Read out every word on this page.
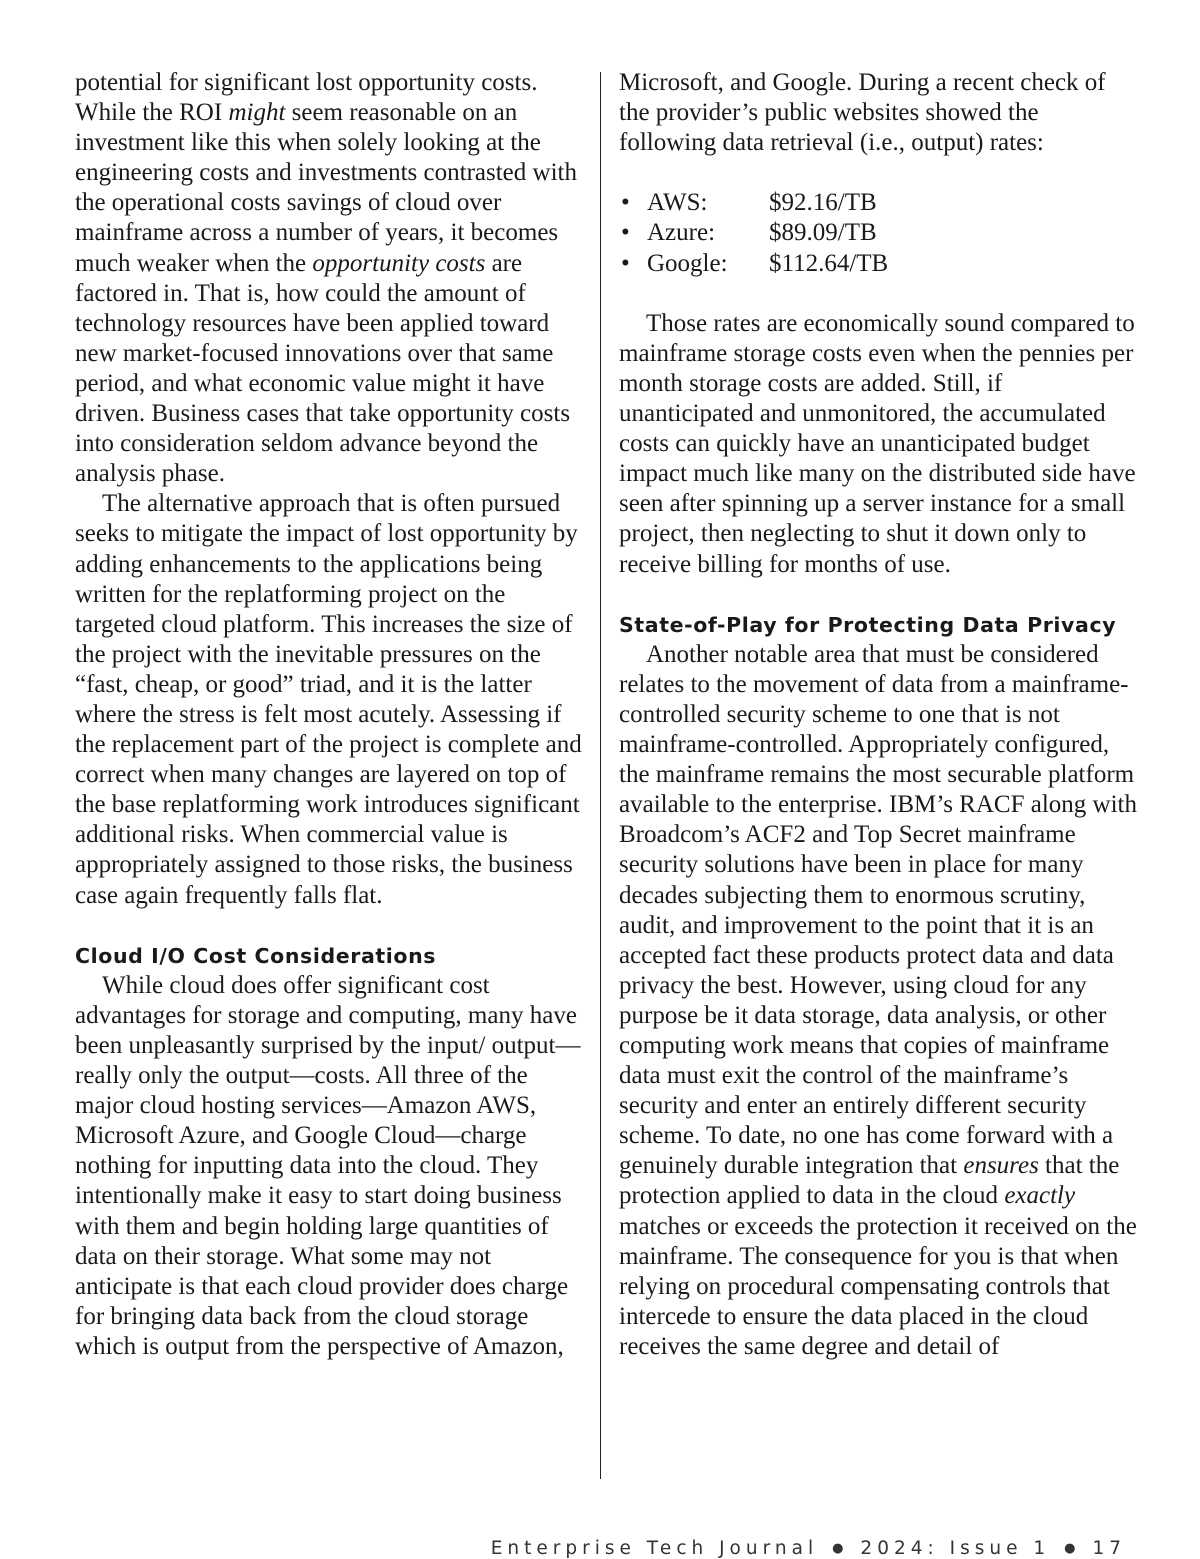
potential for significant lost opportunity costs. While the ROI might seem reasonable on an investment like this when solely looking at the engineering costs and investments contrasted with the operational costs savings of cloud over mainframe across a number of years, it becomes much weaker when the opportunity costs are factored in. That is, how could the amount of technology resources have been applied toward new market-focused innovations over that same period, and what economic value might it have driven. Business cases that take opportunity costs into consideration seldom advance beyond the analysis phase.

The alternative approach that is often pursued seeks to mitigate the impact of lost opportunity by adding enhancements to the applications being written for the replatforming project on the targeted cloud platform. This increases the size of the project with the inevitable pressures on the “fast, cheap, or good” triad, and it is the latter where the stress is felt most acutely. Assessing if the replacement part of the project is complete and correct when many changes are layered on top of the base replatforming work introduces significant additional risks. When commercial value is appropriately assigned to those risks, the business case again frequently falls flat.

Cloud I/O Cost Considerations

While cloud does offer significant cost advantages for storage and computing, many have been unpleasantly surprised by the input/ output—really only the output—costs. All three of the major cloud hosting services—Amazon AWS, Microsoft Azure, and Google Cloud—charge nothing for inputting data into the cloud. They intentionally make it easy to start doing business with them and begin holding large quantities of data on their storage. What some may not anticipate is that each cloud provider does charge for bringing data back from the cloud storage which is output from the perspective of Amazon,

Microsoft, and Google. During a recent check of the provider’s public websites showed the following data retrieval (i.e., output) rates:

• AWS:	$92.16/TB
• Azure:	$89.09/TB
• Google:	$112.64/TB

Those rates are economically sound compared to mainframe storage costs even when the pennies per month storage costs are added. Still, if unanticipated and unmonitored, the accumulated costs can quickly have an unanticipated budget impact much like many on the distributed side have seen after spinning up a server instance for a small project, then neglecting to shut it down only to receive billing for months of use.

State-of-Play for Protecting Data Privacy

Another notable area that must be considered relates to the movement of data from a mainframe-controlled security scheme to one that is not mainframe-controlled. Appropriately configured, the mainframe remains the most securable platform available to the enterprise. IBM’s RACF along with Broadcom’s ACF2 and Top Secret mainframe security solutions have been in place for many decades subjecting them to enormous scrutiny, audit, and improvement to the point that it is an accepted fact these products protect data and data privacy the best. However, using cloud for any purpose be it data storage, data analysis, or other computing work means that copies of mainframe data must exit the control of the mainframe’s security and enter an entirely different security scheme. To date, no one has come forward with a genuinely durable integration that ensures that the protection applied to data in the cloud exactly matches or exceeds the protection it received on the mainframe. The consequence for you is that when relying on procedural compensating controls that intercede to ensure the data placed in the cloud receives the same degree and detail of

Enterprise Tech Journal ● 2024: Issue 1 ● 17
